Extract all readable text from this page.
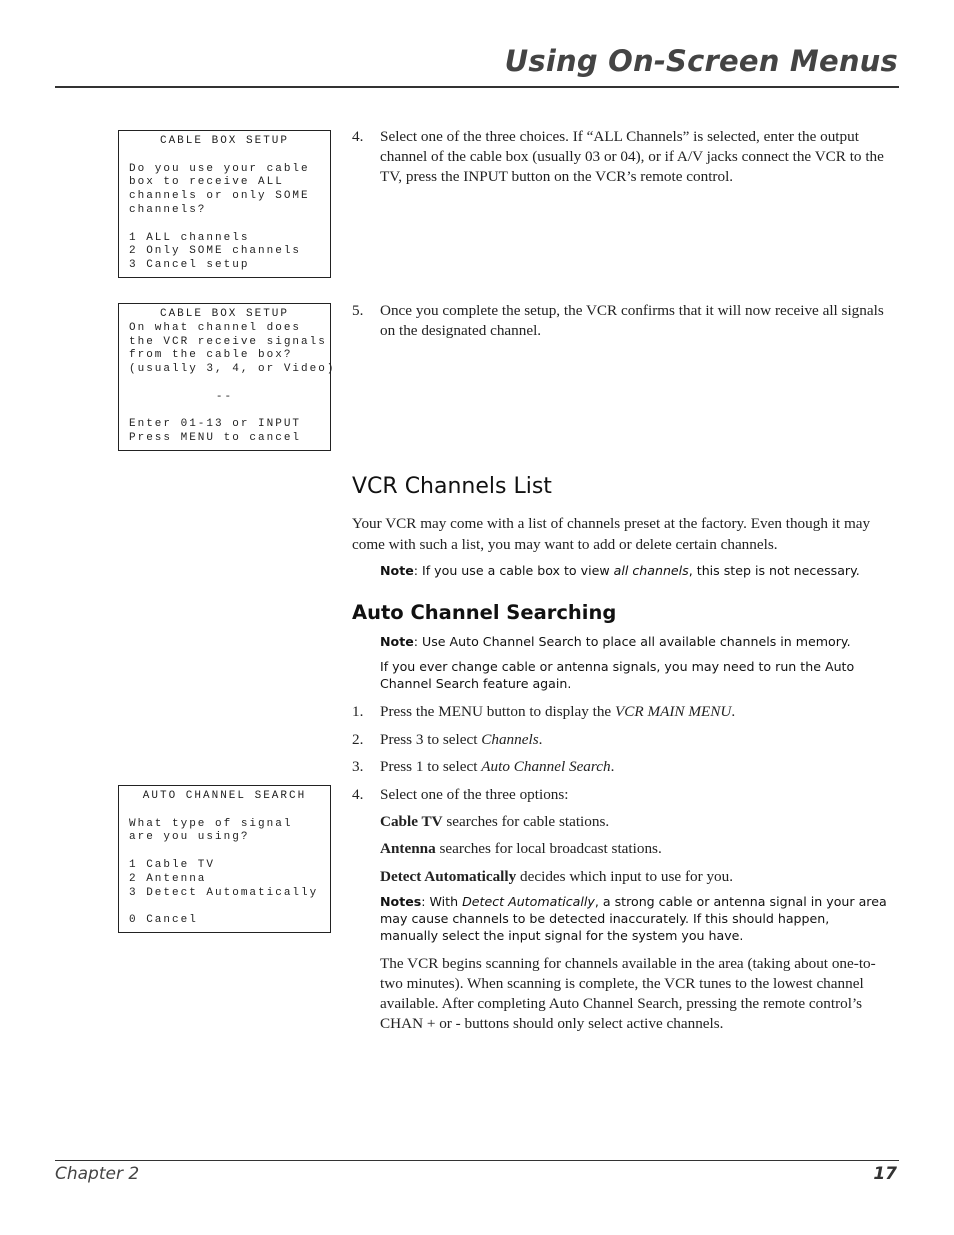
Using On-Screen Menus
CABLE BOX SETUP
Do you use your cable
box to receive ALL
channels or only SOME
channels?
1 ALL channels
2 Only SOME channels
3 Cancel setup
CABLE BOX SETUP
On what channel does
the VCR receive signals
from the cable box?
(usually 3, 4, or Video)
--
Enter 01-13 or INPUT
Press MENU to cancel
AUTO CHANNEL SEARCH
What type of signal
are you using?
1 Cable TV
2 Antenna
3 Detect Automatically
0 Cancel
4. Select one of the three choices. If “ALL Channels” is selected, enter the output channel of the cable box (usually 03 or 04), or if A/V jacks connect the VCR to the TV, press the INPUT button on the VCR’s remote control.
5. Once you complete the setup, the VCR confirms that it will now receive all signals on the designated channel.
VCR Channels List

Your VCR may come with a list of channels preset at the factory. Even though it may come with such a list, you may want to add or delete certain channels.

Note: If you use a cable box to view all channels, this step is not necessary.

Auto Channel Searching

Note: Use Auto Channel Search to place all available channels in memory.

If you ever change cable or antenna signals, you may need to run the Auto Channel Search feature again.

1. Press the MENU button to display the VCR MAIN MENU.
2. Press 3 to select Channels.
3. Press 1 to select Auto Channel Search.
4. Select one of the three options:

Cable TV searches for cable stations.

Antenna searches for local broadcast stations.

Detect Automatically decides which input to use for you.

Notes: With Detect Automatically, a strong cable or antenna signal in your area may cause channels to be detected inaccurately. If this should happen, manually select the input signal for the system you have.

The VCR begins scanning for channels available in the area (taking about one-to-two minutes). When scanning is complete, the VCR tunes to the lowest channel available. After completing Auto Channel Search, pressing the remote control’s CHAN + or - buttons should only select active channels.

Chapter 2	17
